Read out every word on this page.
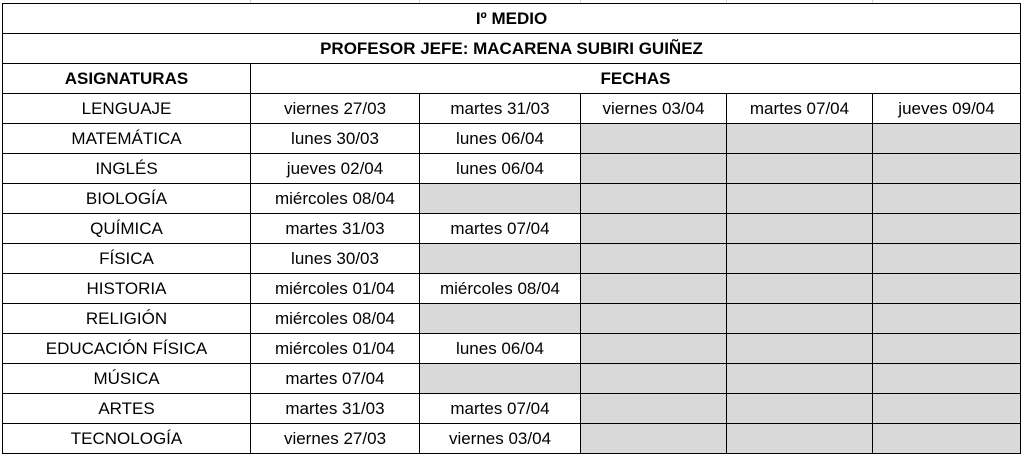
Iº MEDIO					
PROFESOR JEFE: MACARENA SUBIRI GUIÑEZ					
ASIGNATURAS	FECHAS				
LENGUAJE	viernes 27/03	martes 31/03	viernes 03/04	martes 07/04	jueves 09/04
MATEMÁTICA	lunes 30/03	lunes 06/04			
INGLÉS	jueves 02/04	lunes 06/04			
BIOLOGÍA	miércoles 08/04				
QUÍMICA	martes 31/03	martes 07/04			
FÍSICA	lunes 30/03				
HISTORIA	miércoles 01/04	miércoles 08/04			
RELIGIÓN	miércoles 08/04				
EDUCACIÓN FÍSICA	miércoles 01/04	lunes 06/04			
MÚSICA	martes 07/04				
ARTES	martes 31/03	martes 07/04			
TECNOLOGÍA	viernes 27/03	viernes 03/04			
